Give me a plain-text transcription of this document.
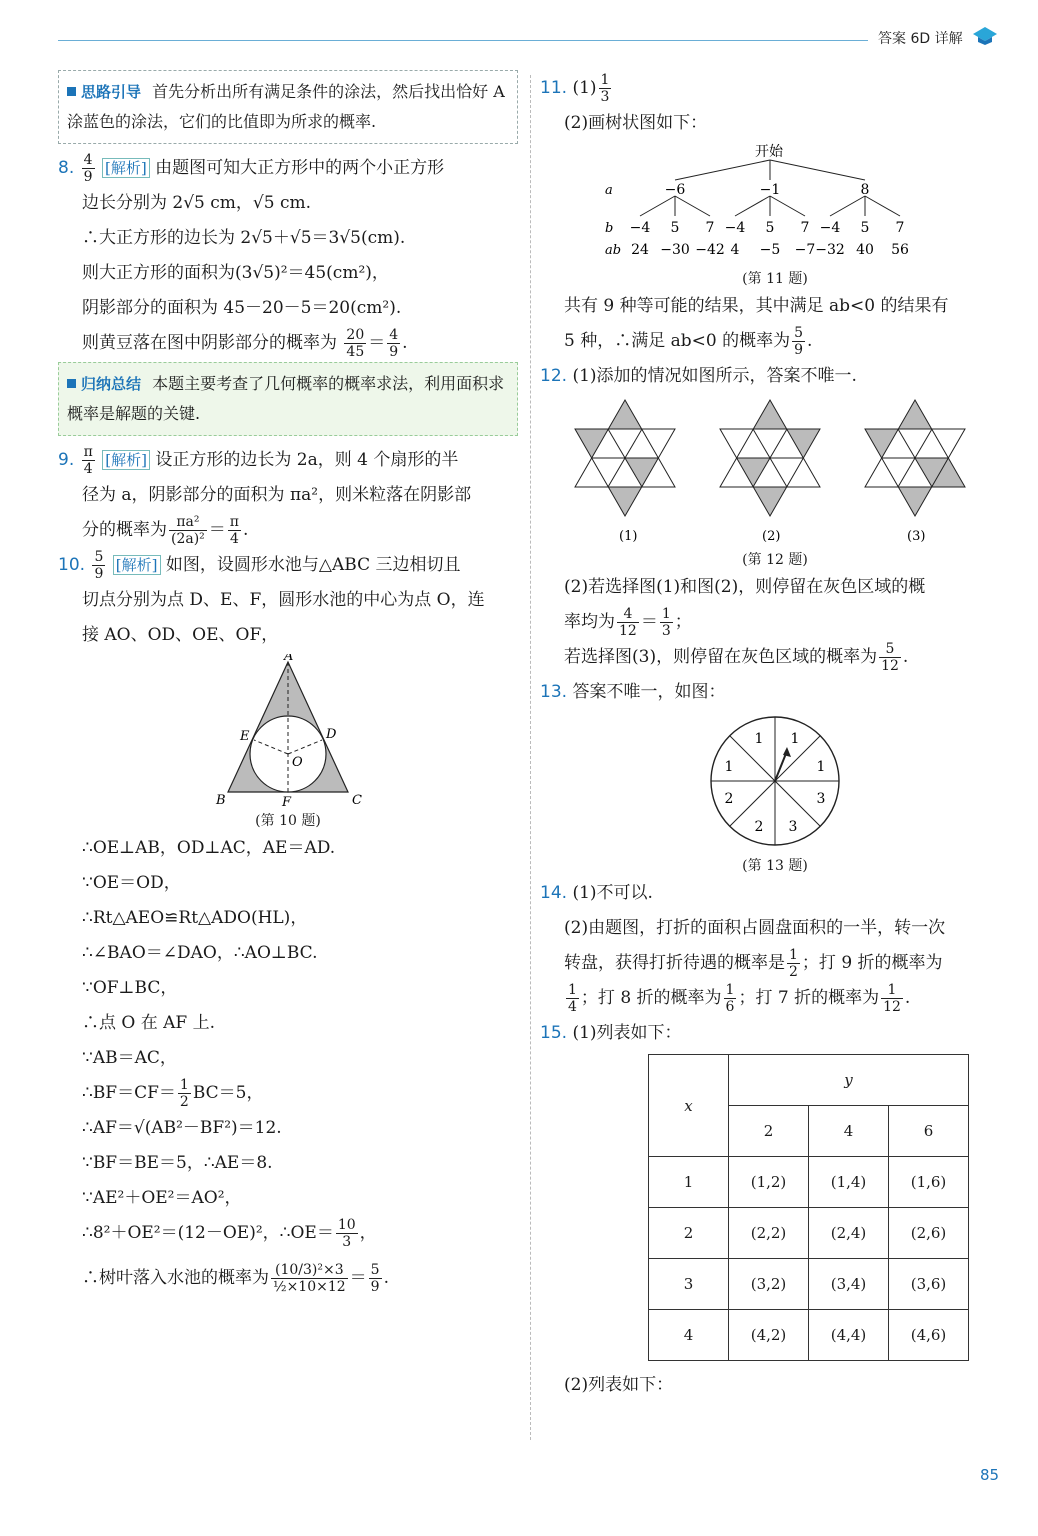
答案 6D 详解
思路引导 首先分析出所有满足条件的涂法，然后找出恰好 A 涂蓝色的涂法，它们的比值即为所求的概率.
8. $\frac{4}{9}$ [解析] 由题图可知大正方形中的两个小正方形
边长分别为 2√5 cm，√5 cm.
∴大正方形的边长为 2√5＋√5＝3√5(cm).
则大正方形的面积为(3√5)²＝45(cm²)，
阴影部分的面积为 45－20－5＝20(cm²).
则黄豆落在图中阴影部分的概率为 $\frac{20}{45} = \frac{4}{9}$ .
归纳总结 本题主要考查了几何概率的概率求法，利用面积求概率是解题的关键.
9. $\frac{\pi}{4}$ [解析] 设正方形的边长为 2a，则 4 个扇形的半
径为 a，阴影部分的面积为 πa²，则米粒落在阴影部
分的概率为 $\frac{\text{πa²}}{\text{(2a)²}} = \frac{\pi}{4}$ .
10. $\frac{5}{9}$ [解析] 如图，设圆形水池与△ABC 三边相切且
切点分别为点 D、E、F，圆形水池的中心为点 O，连
接 AO、OD、OE、OF，
A
B	C
D
E
F
O
(第 10 题)
∴OE⊥AB，OD⊥AC，AE＝AD.
∵OE＝OD，
∴Rt△AEO≌Rt△ADO(HL)，
∴∠BAO＝∠DAO，∴AO⊥BC.
∵OF⊥BC，
∴点 O 在 AF 上.
∵AB＝AC，
∴BF＝CF＝ $\frac{1}{2} BC=5$，
∴AF＝√(AB²－BF²)＝12.
∵BF＝BE＝5，∴AE＝8.
∵AE²＋OE²＝AO²，
∴8²＋OE²＝(12－OE)²，∴OE＝ $\frac{10}{3}$ ，
∴树叶落入水池的概率为 $\frac{\text{(10/3)²×3}}{\text{½×10×12}} = \frac{5}{9}$ .
11. $(1) \frac{1}{3}$
(2)画树状图如下：
开始
a
b
ab
−6	−1	8
−4 5 7 −4 5 7 −4 5 7
24 −30 −42 4 −5 −7 −32 40 56
(第 11 题)
共有 9 种等可能的结果，其中满足 ab<0 的结果有
5 种，∴满足 ab<0 的概率为 $\frac{5}{9}$ .
12. (1)添加的情况如图所示，答案不唯一.
(1)	(2)	(3)
(第 12 题)
(2)若选择图(1)和图(2)，则停留在灰色区域的概
率均为 $\frac{4}{12} = \frac{1}{3}$ ；
若选择图(3)，则停留在灰色区域的概率为 $\frac{5}{12}$ .
13. 答案不唯一，如图：
1 1
1	1
2
2
3
3
(第 13 题)
14. (1)不可以.
(2)由题图，打折的面积占圆盘面积的一半，转一次
转盘，获得打折待遇的概率是 $\frac{1}{2}$ ；打 9 折的概率为
$\frac{1}{4}$ ；打 8 折的概率为 $\frac{1}{6}$ ；打 7 折的概率为 $\frac{1}{12}$ .
15. (1)列表如下：
x	y		
	2	4	6
1	(1,2)	(1,4)	(1,6)
2	(2,2)	(2,4)	(2,6)
3	(3,2)	(3,4)	(3,6)
4	(4,2)	(4,4)	(4,6)
(2)列表如下：
85
